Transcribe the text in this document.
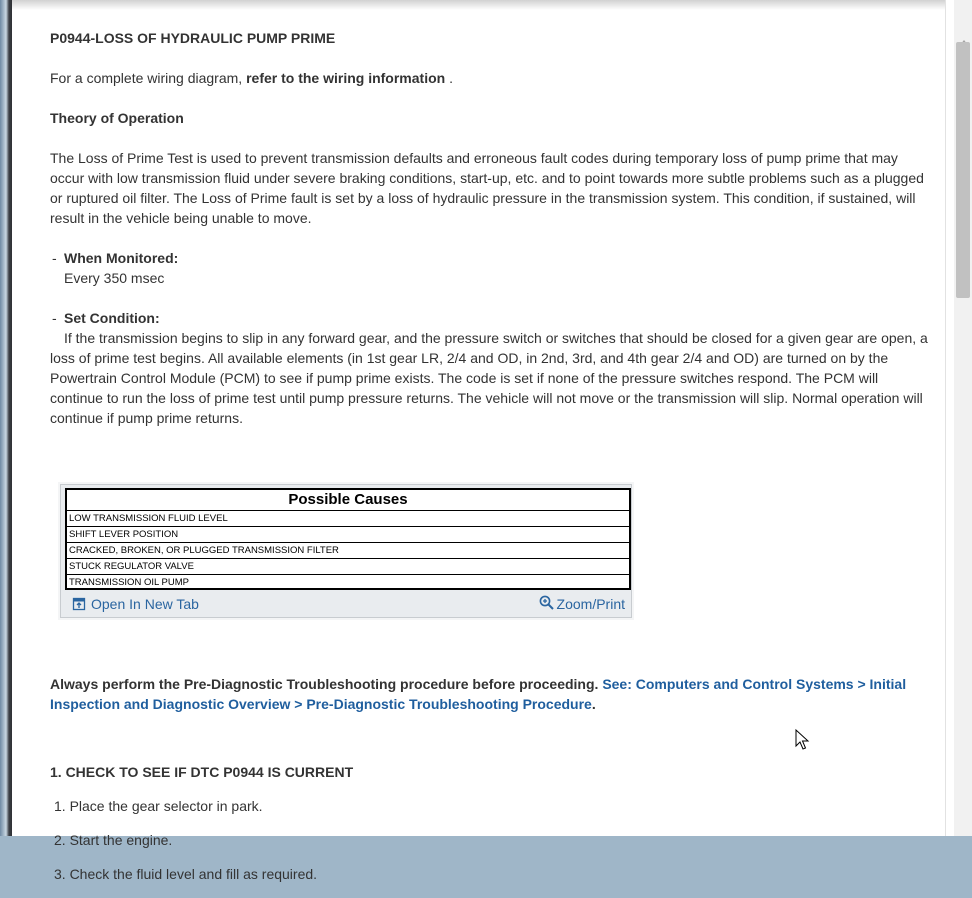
P0944-LOSS OF HYDRAULIC PUMP PRIME

For a complete wiring diagram, refer to the wiring information .

Theory of Operation

The Loss of Prime Test is used to prevent transmission defaults and erroneous fault codes during temporary loss of pump prime that may occur with low transmission fluid under severe braking conditions, start-up, etc. and to point towards more subtle problems such as a plugged or ruptured oil filter. The Loss of Prime fault is set by a loss of hydraulic pressure in the transmission system. This condition, if sustained, will result in the vehicle being unable to move.

- When Monitored:

Every 350 msec

- Set Condition:

If the transmission begins to slip in any forward gear, and the pressure switch or switches that should be closed for a given gear are open, a loss of prime test begins. All available elements (in 1st gear LR, 2/4 and OD, in 2nd, 3rd, and 4th gear 2/4 and OD) are turned on by the Powertrain Control Module (PCM) to see if pump prime exists. The code is set if none of the pressure switches respond. The PCM will continue to run the loss of prime test until pump pressure returns. The vehicle will not move or the transmission will slip. Normal operation will continue if pump prime returns.

Possible Causes
LOW TRANSMISSION FLUID LEVEL
SHIFT LEVER POSITION
CRACKED, BROKEN, OR PLUGGED TRANSMISSION FILTER
STUCK REGULATOR VALVE
TRANSMISSION OIL PUMP
Open In New Tab	Zoom/Print

Always perform the Pre-Diagnostic Troubleshooting procedure before proceeding. See: Computers and Control Systems > Initial Inspection and Diagnostic Overview > Pre-Diagnostic Troubleshooting Procedure.

1. CHECK TO SEE IF DTC P0944 IS CURRENT

1. Place the gear selector in park.

2. Start the engine.

3. Check the fluid level and fill as required.
